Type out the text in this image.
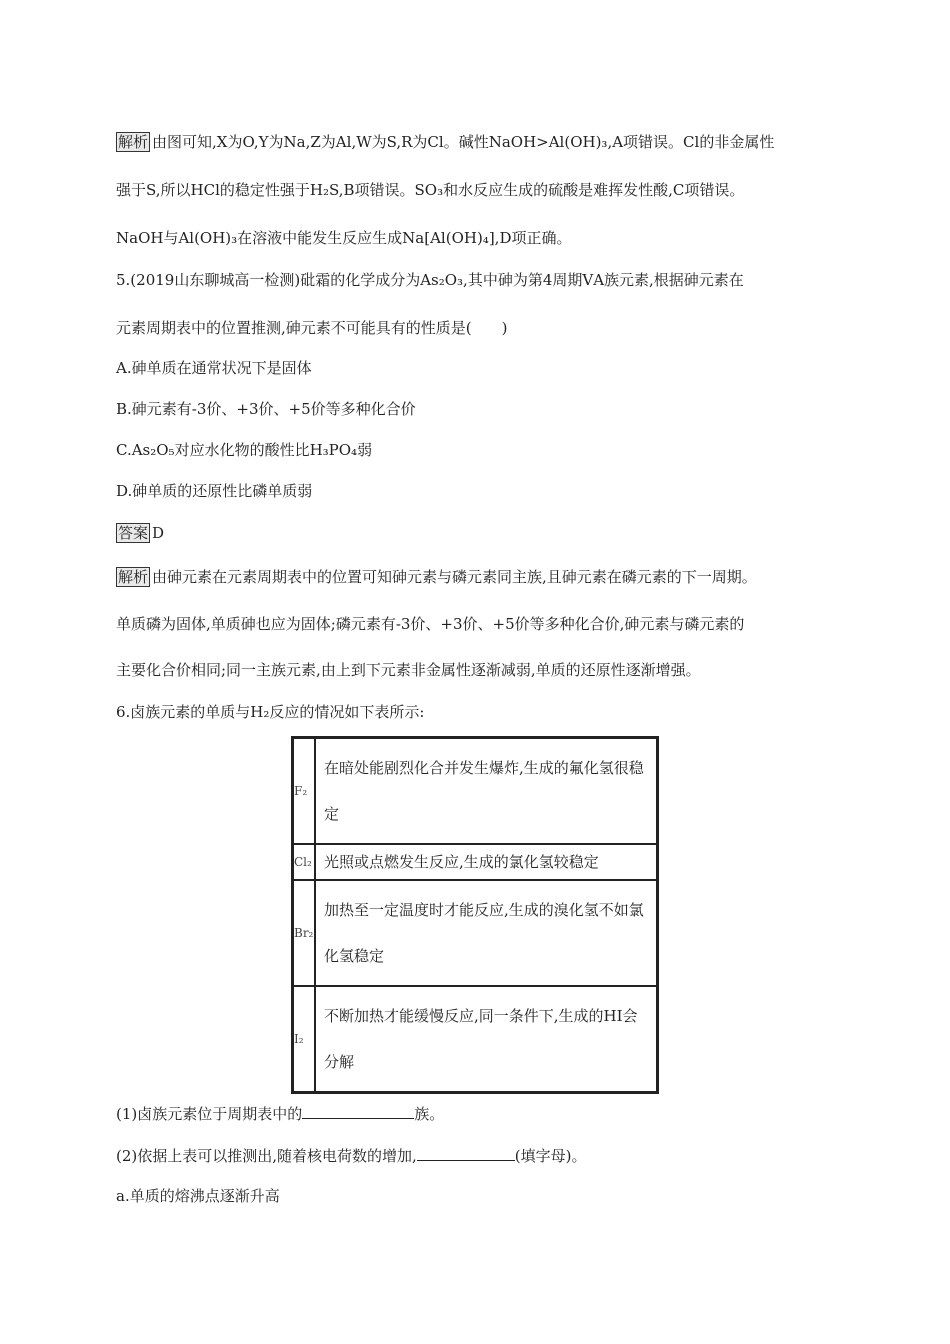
解析 由图可知,X为O,Y为Na,Z为Al,W为S,R为Cl。碱性NaOH>Al(OH)₃,A项错误。Cl的非金属性
强于S,所以HCl的稳定性强于H₂S,B项错误。SO₃和水反应生成的硫酸是难挥发性酸,C项错误。
NaOH与Al(OH)₃在溶液中能发生反应生成Na[Al(OH)₄],D项正确。
5.(2019山东聊城高一检测)砒霜的化学成分为As₂O₃,其中砷为第4周期ⅤA族元素,根据砷元素在
元素周期表中的位置推测,砷元素不可能具有的性质是(　　)
A.砷单质在通常状况下是固体
B.砷元素有-3价、+3价、+5价等多种化合价
C.As₂O₅对应水化物的酸性比H₃PO₄弱
D.砷单质的还原性比磷单质弱
答案 D
解析 由砷元素在元素周期表中的位置可知砷元素与磷元素同主族,且砷元素在磷元素的下一周期。
单质磷为固体,单质砷也应为固体;磷元素有-3价、+3价、+5价等多种化合价,砷元素与磷元素的
主要化合价相同;同一主族元素,由上到下元素非金属性逐渐减弱,单质的还原性逐渐增强。
6.卤族元素的单质与H₂反应的情况如下表所示:
F₂	在暗处能剧烈化合并发生爆炸,生成的氟化氢很稳定
Cl₂	光照或点燃发生反应,生成的氯化氢较稳定
Br₂	加热至一定温度时才能反应,生成的溴化氢不如氯化氢稳定
I₂	不断加热才能缓慢反应,同一条件下,生成的HI会分解
(1)卤族元素位于周期表中的	族。
(2)依据上表可以推测出,随着核电荷数的增加,	(填字母)。
a.单质的熔沸点逐渐升高
